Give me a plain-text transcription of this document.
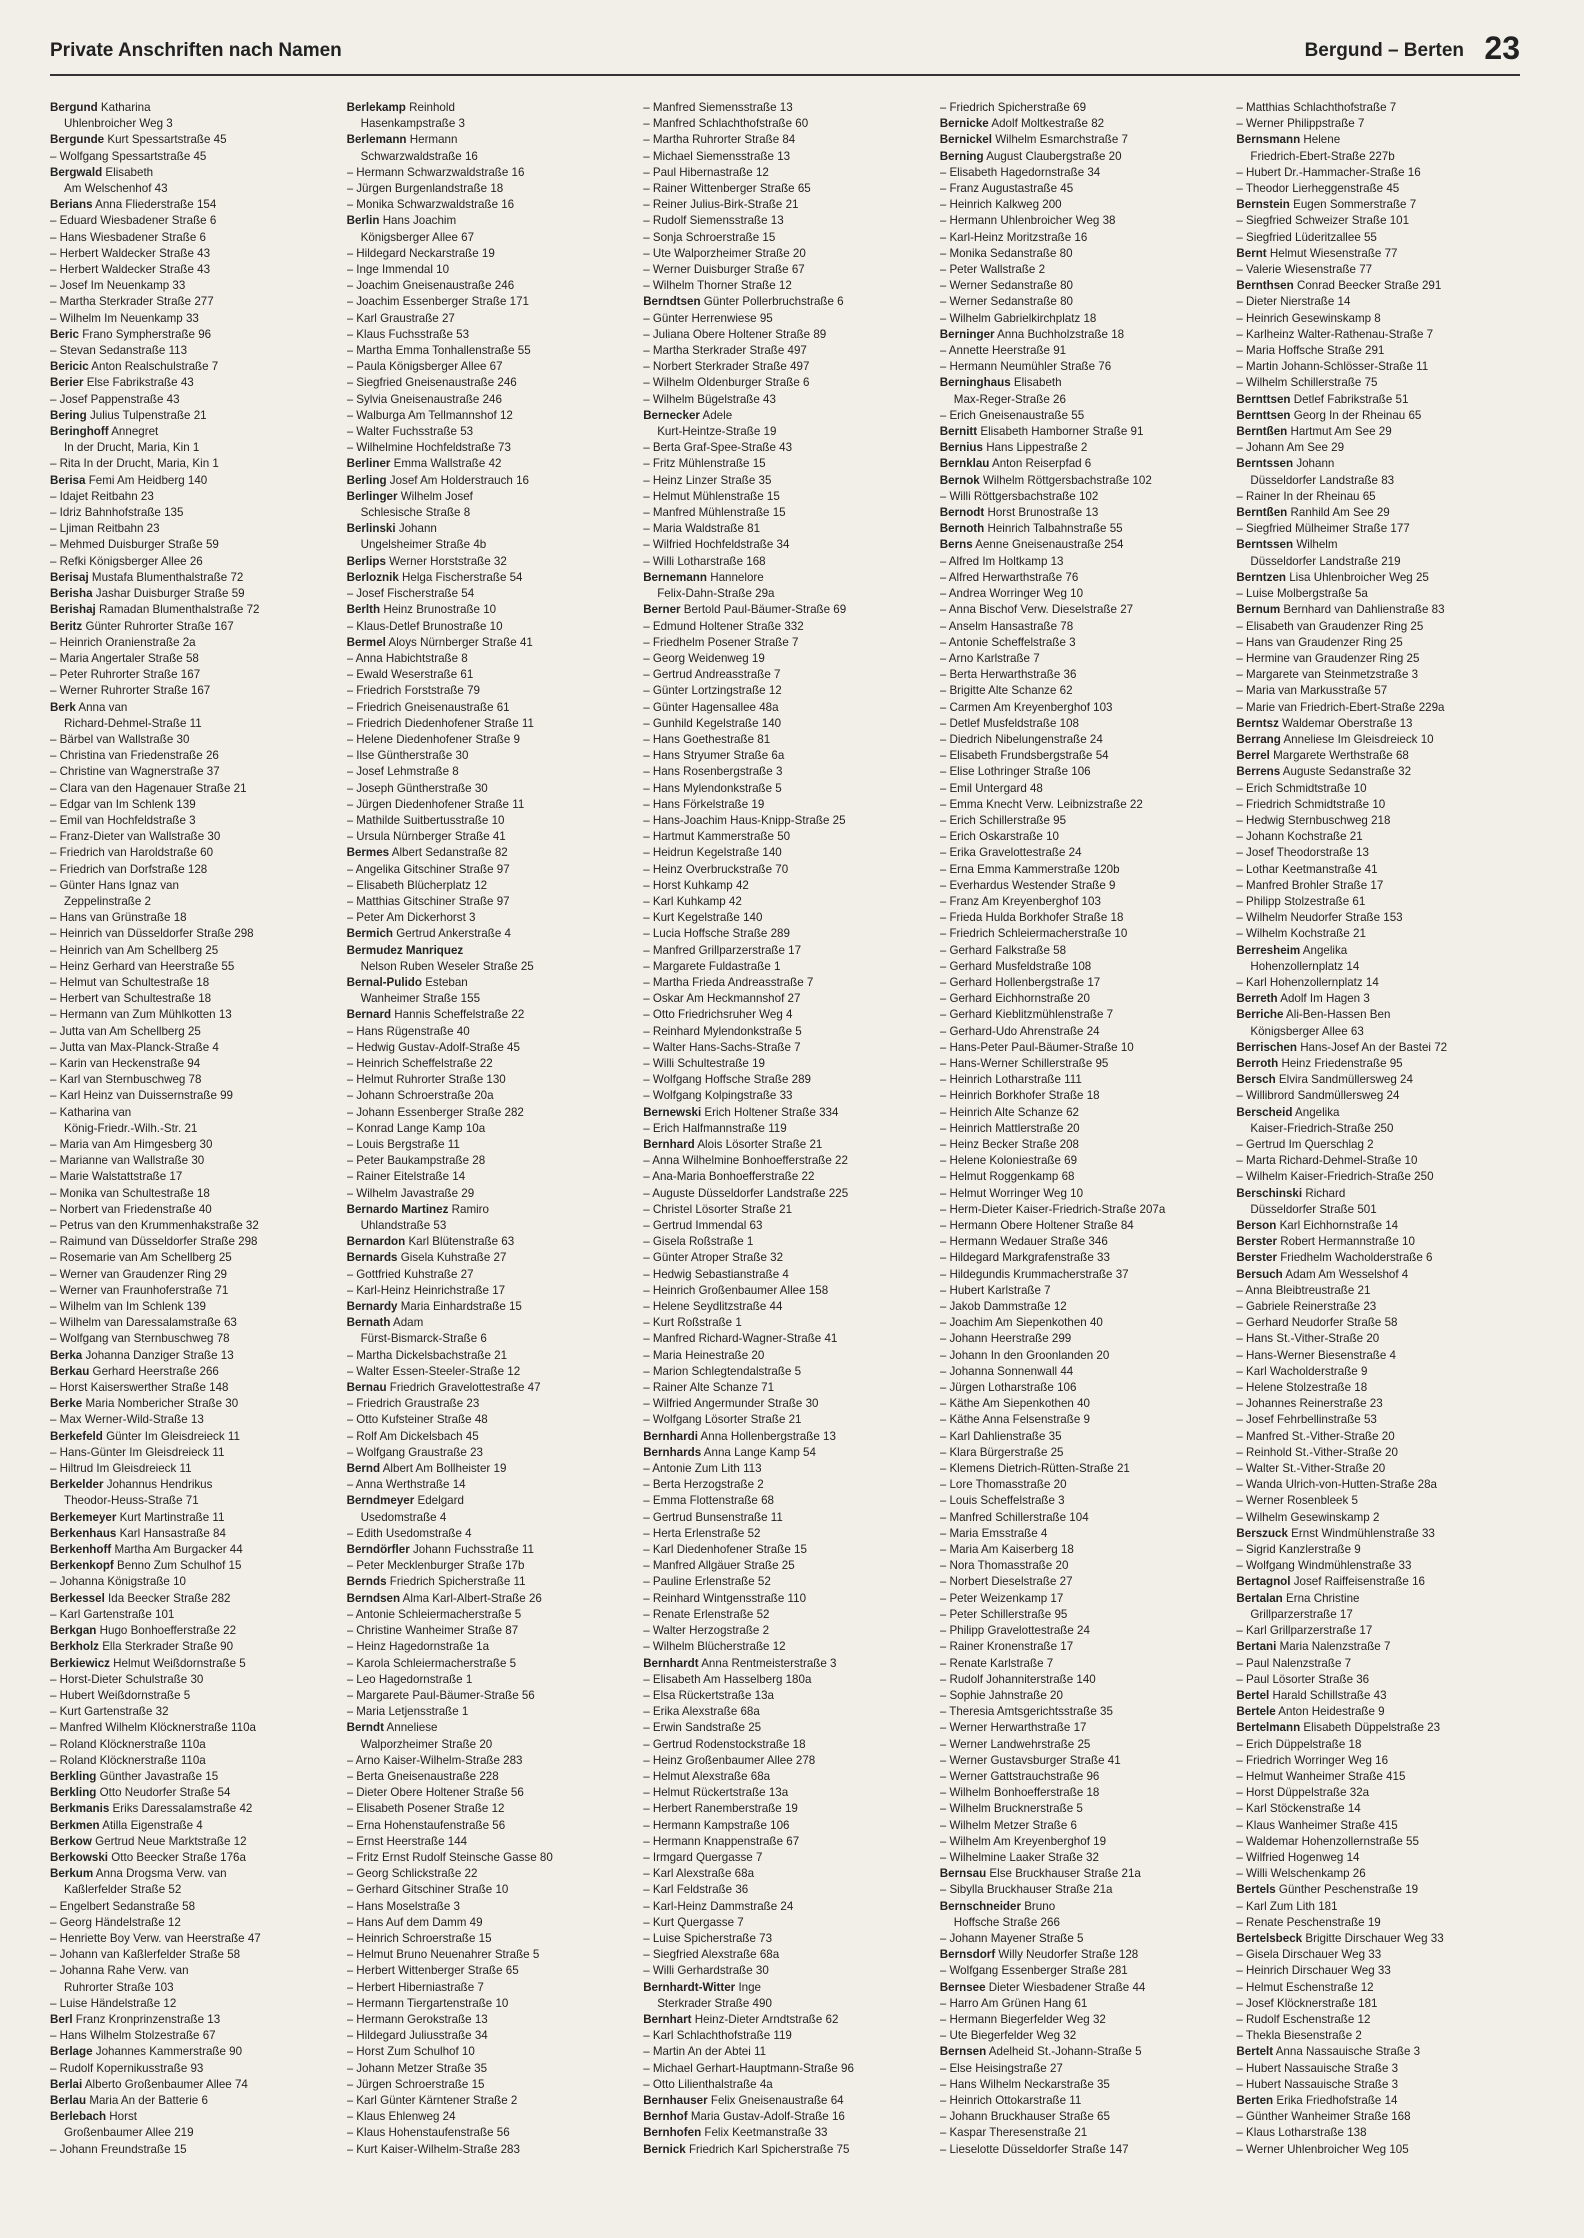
Private Anschriften nach Namen	Bergund – Berten 23
Bergund Katharina
Uhlenbroicher Weg 3
Bergunde Kurt Spessartstraße 45
– Wolfgang Spessartstraße 45
Bergwald Elisabeth
Am Welschenhof 43
Berians Anna Fliederstraße 154
– Eduard Wiesbadener Straße 6
– Hans Wiesbadener Straße 6
– Herbert Waldecker Straße 43
– Herbert Waldecker Straße 43
– Josef Im Neuenkamp 33
– Martha Sterkrader Straße 277
– Wilhelm Im Neuenkamp 33
Beric Frano Sympherstraße 96
– Stevan Sedanstraße 113
Bericic Anton Realschulstraße 7
Berier Else Fabrikstraße 43
– Josef Pappenstraße 43
Bering Julius Tulpenstraße 21
Beringhoff Annegret
In der Drucht, Maria, Kin 1
– Rita In der Drucht, Maria, Kin 1
Berisa Femi Am Heidberg 140
– Idajet Reitbahn 23
– Idriz Bahnhofstraße 135
– Ljiman Reitbahn 23
– Mehmed Duisburger Straße 59
– Refki Königsberger Allee 26
Berisaj Mustafa Blumenthalstraße 72
Berisha Jashar Duisburger Straße 59
Berishaj Ramadan Blumenthalstraße 72
Beritz Günter Ruhrorter Straße 167
– Heinrich Oranienstraße 2a
– Maria Angertaler Straße 58
– Peter Ruhrorter Straße 167
– Werner Ruhrorter Straße 167
Berk Anna van
Richard-Dehmel-Straße 11
– Bärbel van Wallstraße 30
– Christina van Friedenstraße 26
– Christine van Wagnerstraße 37
– Clara van den Hagenauer Straße 21
– Edgar van Im Schlenk 139
– Emil van Hochfeldstraße 3
– Franz-Dieter van Wallstraße 30
– Friedrich van Haroldstraße 60
– Friedrich van Dorfstraße 128
– Günter Hans Ignaz van
Zeppelinstraße 2
– Hans van Grünstraße 18
– Heinrich van Düsseldorfer Straße 298
– Heinrich van Am Schellberg 25
– Heinz Gerhard van Heerstraße 55
– Helmut van Schultestraße 18
– Herbert van Schultestraße 18
– Hermann van Zum Mühlkotten 13
– Jutta van Am Schellberg 25
– Jutta van Max-Planck-Straße 4
– Karin van Heckenstraße 94
– Karl van Sternbuschweg 78
– Karl Heinz van Duissernstraße 99
– Katharina van
König-Friedr.-Wilh.-Str. 21
– Maria van Am Himgesberg 30
– Marianne van Wallstraße 30
– Marie Walstattstraße 17
– Monika van Schultestraße 18
– Norbert van Friedenstraße 40
– Petrus van den Krummenhakstraße 32
– Raimund van Düsseldorfer Straße 298
– Rosemarie van Am Schellberg 25
– Werner van Graudenzer Ring 29
– Werner van Fraunhoferstraße 71
– Wilhelm van Im Schlenk 139
– Wilhelm van Daressalamstraße 63
– Wolfgang van Sternbuschweg 78
Berka Johanna Danziger Straße 13
Berkau Gerhard Heerstraße 266
– Horst Kaiserswerther Straße 148
Berke Maria Nombericher Straße 30
– Max Werner-Wild-Straße 13
Berkefeld Günter Im Gleisdreieck 11
– Hans-Günter Im Gleisdreieck 11
– Hiltrud Im Gleisdreieck 11
Berkelder Johannus Hendrikus
Theodor-Heuss-Straße 71
Berkemeyer Kurt Martinstraße 11
Berkenhaus Karl Hansastraße 84
Berkenhoff Martha Am Burgacker 44
Berkenkopf Benno Zum Schulhof 15
– Johanna Königstraße 10
Berkessel Ida Beecker Straße 282
– Karl Gartenstraße 101
Berkgan Hugo Bonhoefferstraße 22
Berkholz Ella Sterkrader Straße 90
Berkiewicz Helmut Weißdornstraße 5
– Horst-Dieter Schulstraße 30
– Hubert Weißdornstraße 5
– Kurt Gartenstraße 32
– Manfred Wilhelm Klöcknerstraße 110a
– Roland Klöcknerstraße 110a
– Roland Klöcknerstraße 110a
Berkling Günther Javastraße 15
Berkling Otto Neudorfer Straße 54
Berkmanis Eriks Daressalamstraße 42
Berkmen Atilla Eigenstraße 4
Berkow Gertrud Neue Marktstraße 12
Berkowski Otto Beecker Straße 176a
Berkum Anna Drogsma Verw. van
Kaßlerfelder Straße 52
– Engelbert Sedanstraße 58
– Georg Händelstraße 12
– Henriette Boy Verw. van Heerstraße 47
– Johann van Kaßlerfelder Straße 58
– Johanna Rahe Verw. van
Ruhrorter Straße 103
– Luise Händelstraße 12
Berl Franz Kronprinzenstraße 13
– Hans Wilhelm Stolzestraße 67
Berlage Johannes Kammerstraße 90
– Rudolf Kopernikusstraße 93
Berlai Alberto Großenbaumer Allee 74
Berlau Maria An der Batterie 6
Berlebach Horst
Großenbaumer Allee 219
– Johann Freundstraße 15
Berlekamp Reinhold
Hasenkampstraße 3
Berlemann Hermann
Schwarzwaldstraße 16
– Hermann Schwarzwaldstraße 16
– Jürgen Burgenlandstraße 18
– Monika Schwarzwaldstraße 16
Berlin Hans Joachim
Königsberger Allee 67
– Hildegard Neckarstraße 19
– Inge Immendal 10
– Joachim Gneisenaustraße 246
– Joachim Essenberger Straße 171
– Karl Graustraße 27
– Klaus Fuchsstraße 53
– Martha Emma Tonhallenstraße 55
– Paula Königsberger Allee 67
– Siegfried Gneisenaustraße 246
– Sylvia Gneisenaustraße 246
– Walburga Am Tellmannshof 12
– Walter Fuchsstraße 53
– Wilhelmine Hochfeldstraße 73
Berliner Emma Wallstraße 42
Berling Josef Am Holderstrauch 16
Berlinger Wilhelm Josef
Schlesische Straße 8
Berlinski Johann
Ungelsheimer Straße 4b
Berlips Werner Horststraße 32
Berloznik Helga Fischerstraße 54
– Josef Fischerstraße 54
Berlth Heinz Brunostraße 10
– Klaus-Detlef Brunostraße 10
Bermel Aloys Nürnberger Straße 41
– Anna Habichtstraße 8
– Ewald Weserstraße 61
– Friedrich Forststraße 79
– Friedrich Gneisenaustraße 61
– Friedrich Diedenhofener Straße 11
– Helene Diedenhofener Straße 9
– Ilse Güntherstraße 30
– Josef Lehmstraße 8
– Joseph Güntherstraße 30
– Jürgen Diedenhofener Straße 11
– Mathilde Suitbertusstraße 10
– Ursula Nürnberger Straße 41
Bermes Albert Sedanstraße 82
– Angelika Gitschiner Straße 97
– Elisabeth Blücherplatz 12
– Matthias Gitschiner Straße 97
– Peter Am Dickerhorst 3
Bermich Gertrud Ankerstraße 4
Bermudez Manriquez
Nelson Ruben Weseler Straße 25
Bernal-Pulido Esteban
Wanheimer Straße 155
Bernard Hannis Scheffelstraße 22
– Hans Rügenstraße 40
– Hedwig Gustav-Adolf-Straße 45
– Heinrich Scheffelstraße 22
– Helmut Ruhrorter Straße 130
– Johann Schroerstraße 20a
– Johann Essenberger Straße 282
– Konrad Lange Kamp 10a
– Louis Bergstraße 11
– Peter Baukampstraße 28
– Rainer Eitelstraße 14
– Wilhelm Javastraße 29
Bernardo Martinez Ramiro
Uhlandstraße 53
Bernardon Karl Blütenstraße 63
Bernards Gisela Kuhstraße 27
– Gottfried Kuhstraße 27
– Karl-Heinz Heinrichstraße 17
Bernardy Maria Einhardstraße 15
Bernath Adam
Fürst-Bismarck-Straße 6
– Martha Dickelsbachstraße 21
– Walter Essen-Steeler-Straße 12
Bernau Friedrich Gravelottestraße 47
– Friedrich Graustraße 23
– Otto Kufsteiner Straße 48
– Rolf Am Dickelsbach 45
– Wolfgang Graustraße 23
Bernd Albert Am Bollheister 19
– Anna Werthstraße 14
Berndmeyer Edelgard
Usedomstraße 4
– Edith Usedomstraße 4
Berndörfler Johann Fuchsstraße 11
– Peter Mecklenburger Straße 17b
Bernds Friedrich Spicherstraße 11
Berndsen Alma Karl-Albert-Straße 26
– Antonie Schleiermacherstraße 5
– Christine Wanheimer Straße 87
– Heinz Hagedornstraße 1a
– Karola Schleiermacherstraße 5
– Leo Hagedornstraße 1
– Margarete Paul-Bäumer-Straße 56
– Maria Letjensstraße 1
Berndt Anneliese
Walporzheimer Straße 20
– Arno Kaiser-Wilhelm-Straße 283
– Berta Gneisenaustraße 228
– Dieter Obere Holtener Straße 56
– Elisabeth Posener Straße 12
– Erna Hohenstaufenstraße 56
– Ernst Heerstraße 144
– Fritz Ernst Rudolf Steinsche Gasse 80
– Georg Schlickstraße 22
– Gerhard Gitschiner Straße 10
– Hans Moselstraße 3
– Hans Auf dem Damm 49
– Heinrich Schroerstraße 15
– Helmut Bruno Neuenahrer Straße 5
– Herbert Wittenberger Straße 65
– Herbert Hiberniastraße 7
– Hermann Tiergartenstraße 10
– Hermann Gerokstraße 13
– Hildegard Juliusstraße 34
– Horst Zum Schulhof 10
– Johann Metzer Straße 35
– Jürgen Schroerstraße 15
– Karl Günter Kärntener Straße 2
– Klaus Ehlenweg 24
– Klaus Hohenstaufenstraße 56
– Kurt Kaiser-Wilhelm-Straße 283
– Manfred Siemensstraße 13
– Manfred Schlachthofstraße 60
– Martha Ruhrorter Straße 84
– Michael Siemensstraße 13
– Paul Hibernastraße 12
– Rainer Wittenberger Straße 65
– Reiner Julius-Birk-Straße 21
– Rudolf Siemensstraße 13
– Sonja Schroerstraße 15
– Ute Walporzheimer Straße 20
– Werner Duisburger Straße 67
– Wilhelm Thorner Straße 12
Berndtsen Günter Pollerbruchstraße 6
– Günter Herrenwiese 95
– Juliana Obere Holtener Straße 89
– Martha Sterkrader Straße 497
– Norbert Sterkrader Straße 497
– Wilhelm Oldenburger Straße 6
– Wilhelm Bügelstraße 43
Bernecker Adele
Kurt-Heintze-Straße 19
– Berta Graf-Spee-Straße 43
– Fritz Mühlenstraße 15
– Heinz Linzer Straße 35
– Helmut Mühlenstraße 15
– Manfred Mühlenstraße 15
– Maria Waldstraße 81
– Wilfried Hochfeldstraße 34
– Willi Lotharstraße 168
Bernemann Hannelore
Felix-Dahn-Straße 29a
Berner Bertold Paul-Bäumer-Straße 69
– Edmund Holtener Straße 332
– Friedhelm Posener Straße 7
– Georg Weidenweg 19
– Gertrud Andreasstraße 7
– Günter Lortzingstraße 12
– Günter Hagensallee 48a
– Gunhild Kegelstraße 140
– Hans Goethestraße 81
– Hans Stryumer Straße 6a
– Hans Rosenbergstraße 3
– Hans Mylendonkstraße 5
– Hans Förkelstraße 19
– Hans-Joachim Haus-Knipp-Straße 25
– Hartmut Kammerstraße 50
– Heidrun Kegelstraße 140
– Heinz Overbruckstraße 70
– Horst Kuhkamp 42
– Karl Kuhkamp 42
– Kurt Kegelstraße 140
– Lucia Hoffsche Straße 289
– Manfred Grillparzerstraße 17
– Margarete Fuldastraße 1
– Martha Frieda Andreasstraße 7
– Oskar Am Heckmannshof 27
– Otto Friedrichsruher Weg 4
– Reinhard Mylendonkstraße 5
– Walter Hans-Sachs-Straße 7
– Willi Schultestraße 19
– Wolfgang Hoffsche Straße 289
– Wolfgang Kolpingstraße 33
Bernewski Erich Holtener Straße 334
– Erich Halfmannstraße 119
Bernhard Alois Lösorter Straße 21
– Anna Wilhelmine Bonhoefferstraße 22
– Ana-Maria Bonhoefferstraße 22
– Auguste Düsseldorfer Landstraße 225
– Christel Lösorter Straße 21
– Gertrud Immendal 63
– Gisela Roßstraße 1
– Günter Atroper Straße 32
– Hedwig Sebastianstraße 4
– Heinrich Großenbaumer Allee 158
– Helene Seydlitzstraße 44
– Kurt Roßstraße 1
– Manfred Richard-Wagner-Straße 41
– Maria Heinestraße 20
– Marion Schlegtendalstraße 5
– Rainer Alte Schanze 71
– Wilfried Angermunder Straße 30
– Wolfgang Lösorter Straße 21
Bernhardi Anna Hollenbergstraße 13
Bernhards Anna Lange Kamp 54
– Antonie Zum Lith 113
– Berta Herzogstraße 2
– Emma Flottenstraße 68
– Gertrud Bunsenstraße 11
– Herta Erlenstraße 52
– Karl Diedenhofener Straße 15
– Manfred Allgäuer Straße 25
– Pauline Erlenstraße 52
– Reinhard Wintgensstraße 110
– Renate Erlenstraße 52
– Walter Herzogstraße 2
– Wilhelm Blücherstraße 12
Bernhardt Anna Rentmeisterstraße 3
– Elisabeth Am Hasselberg 180a
– Elsa Rückertstraße 13a
– Erika Alexstraße 68a
– Erwin Sandstraße 25
– Gertrud Rodenstockstraße 18
– Heinz Großenbaumer Allee 278
– Helmut Alexstraße 68a
– Helmut Rückertstraße 13a
– Herbert Ranemberstraße 19
– Hermann Kampstraße 106
– Hermann Knappenstraße 67
– Irmgard Quergasse 7
– Karl Alexstraße 68a
– Karl Feldstraße 36
– Karl-Heinz Dammstraße 24
– Kurt Quergasse 7
– Luise Spicherstraße 73
– Siegfried Alexstraße 68a
– Willi Gerhardstraße 30
Bernhardt-Witter Inge
Sterkrader Straße 490
Bernhart Heinz-Dieter Arndtstraße 62
– Karl Schlachthofstraße 119
– Martin An der Abtei 11
– Michael Gerhart-Hauptmann-Straße 96
– Otto Lilienthalstraße 4a
Bernhauser Felix Gneisenaustraße 64
Bernhof Maria Gustav-Adolf-Straße 16
Bernhofen Felix Keetmanstraße 33
Bernick Friedrich Karl Spicherstraße 75
– Friedrich Spicherstraße 69
Bernicke Adolf Moltkestraße 82
Bernickel Wilhelm Esmarchstraße 7
Berning August Claubergstraße 20
– Elisabeth Hagedornstraße 34
– Franz Augustastraße 45
– Heinrich Kalkweg 200
– Hermann Uhlenbroicher Weg 38
– Karl-Heinz Moritzstraße 16
– Monika Sedanstraße 80
– Peter Wallstraße 2
– Werner Sedanstraße 80
– Werner Sedanstraße 80
– Wilhelm Gabrielkirchplatz 18
Berninger Anna Buchholzstraße 18
– Annette Heerstraße 91
– Hermann Neumühler Straße 76
Berninghaus Elisabeth
Max-Reger-Straße 26
– Erich Gneisenaustraße 55
Bernitt Elisabeth Hamborner Straße 91
Bernius Hans Lippestraße 2
Bernklau Anton Reiserpfad 6
Bernok Wilhelm Röttgersbachstraße 102
– Willi Röttgersbachstraße 102
Bernodt Horst Brunostraße 13
Bernoth Heinrich Talbahnstraße 55
Berns Aenne Gneisenaustraße 254
– Alfred Im Holtkamp 13
– Alfred Herwarthstraße 76
– Andrea Worringer Weg 10
– Anna Bischof Verw. Dieselstraße 27
– Anselm Hansastraße 78
– Antonie Scheffelstraße 3
– Arno Karlstraße 7
– Berta Herwarthstraße 36
– Brigitte Alte Schanze 62
– Carmen Am Kreyenberghof 103
– Detlef Musfeldstraße 108
– Diedrich Nibelungenstraße 24
– Elisabeth Frundsbergstraße 54
– Elise Lothringer Straße 106
– Emil Untergard 48
– Emma Knecht Verw. Leibnizstraße 22
– Erich Schillerstraße 95
– Erich Oskarstraße 10
– Erika Gravelottestraße 24
– Erna Emma Kammerstraße 120b
– Everhardus Westender Straße 9
– Franz Am Kreyenberghof 103
– Frieda Hulda Borkhofer Straße 18
– Friedrich Schleiermacherstraße 10
– Gerhard Falkstraße 58
– Gerhard Musfeldstraße 108
– Gerhard Hollenbergstraße 17
– Gerhard Eichhornstraße 20
– Gerhard Kieblitzmühlenstraße 7
– Gerhard-Udo Ahrenstraße 24
– Hans-Peter Paul-Bäumer-Straße 10
– Hans-Werner Schillerstraße 95
– Heinrich Lotharstraße 111
– Heinrich Borkhofer Straße 18
– Heinrich Alte Schanze 62
– Heinrich Mattlerstraße 20
– Heinz Becker Straße 208
– Helene Koloniestraße 69
– Helmut Roggenkamp 68
– Helmut Worringer Weg 10
– Herm-Dieter Kaiser-Friedrich-Straße 207a
– Hermann Obere Holtener Straße 84
– Hermann Wedauer Straße 346
– Hildegard Markgrafenstraße 33
– Hildegundis Krummacherstraße 37
– Hubert Karlstraße 7
– Jakob Dammstraße 12
– Joachim Am Siepenkothen 40
– Johann Heerstraße 299
– Johann In den Groonlanden 20
– Johanna Sonnenwall 44
– Jürgen Lotharstraße 106
– Käthe Am Siepenkothen 40
– Käthe Anna Felsenstraße 9
– Karl Dahlienstraße 35
– Klara Bürgerstraße 25
– Klemens Dietrich-Rütten-Straße 21
– Lore Thomasstraße 20
– Louis Scheffelstraße 3
– Manfred Schillerstraße 104
– Maria Emsstraße 4
– Maria Am Kaiserberg 18
– Nora Thomasstraße 20
– Norbert Dieselstraße 27
– Peter Weizenkamp 17
– Peter Schillerstraße 95
– Philipp Gravelottestraße 24
– Rainer Kronenstraße 17
– Renate Karlstraße 7
– Rudolf Johanniterstraße 140
– Sophie Jahnstraße 20
– Theresia Amtsgerichtsstraße 35
– Werner Herwarthstraße 17
– Werner Landwehrstraße 25
– Werner Gustavsburger Straße 41
– Werner Gattstrauchstraße 96
– Wilhelm Bonhoefferstraße 18
– Wilhelm Brucknerstraße 5
– Wilhelm Metzer Straße 6
– Wilhelm Am Kreyenberghof 19
– Wilhelmine Laaker Straße 32
Bernsau Else Bruckhauser Straße 21a
– Sibylla Bruckhauser Straße 21a
Bernschneider Bruno
Hoffsche Straße 266
– Johann Mayener Straße 5
Bernsdorf Willy Neudorfer Straße 128
– Wolfgang Essenberger Straße 281
Bernsee Dieter Wiesbadener Straße 44
– Harro Am Grünen Hang 61
– Hermann Biegerfelder Weg 32
– Ute Biegerfelder Weg 32
Bernsen Adelheid St.-Johann-Straße 5
– Else Heisingstraße 27
– Hans Wilhelm Neckarstraße 35
– Heinrich Ottokarstraße 11
– Johann Bruckhauser Straße 65
– Kaspar Theresenstraße 21
– Lieselotte Düsseldorfer Straße 147
– Matthias Schlachthofstraße 7
– Werner Philippstraße 7
Bernsmann Helene
Friedrich-Ebert-Straße 227b
– Hubert Dr.-Hammacher-Straße 16
– Theodor Lierheggenstraße 45
Bernstein Eugen Sommerstraße 7
– Siegfried Schweizer Straße 101
– Siegfried Lüderitzallee 55
Bernt Helmut Wiesenstraße 77
– Valerie Wiesenstraße 77
Bernthsen Conrad Beecker Straße 291
– Dieter Nierstraße 14
– Heinrich Gesewinskamp 8
– Karlheinz Walter-Rathenau-Straße 7
– Maria Hoffsche Straße 291
– Martin Johann-Schlösser-Straße 11
– Wilhelm Schillerstraße 75
Bernttsen Detlef Fabrikstraße 51
Bernttsen Georg In der Rheinau 65
Berntßen Hartmut Am See 29
– Johann Am See 29
Berntssen Johann
Düsseldorfer Landstraße 83
– Rainer In der Rheinau 65
Berntßen Ranhild Am See 29
– Siegfried Mülheimer Straße 177
Berntssen Wilhelm
Düsseldorfer Landstraße 219
Berntzen Lisa Uhlenbroicher Weg 25
– Luise Molbergstraße 5a
Bernum Bernhard van Dahlienstraße 83
– Elisabeth van Graudenzer Ring 25
– Hans van Graudenzer Ring 25
– Hermine van Graudenzer Ring 25
– Margarete van Steinmetzstraße 3
– Maria van Markusstraße 57
– Marie van Friedrich-Ebert-Straße 229a
Berntsz Waldemar Oberstraße 13
Berrang Anneliese Im Gleisdreieck 10
Berrel Margarete Werthstraße 68
Berrens Auguste Sedanstraße 32
– Erich Schmidtstraße 10
– Friedrich Schmidtstraße 10
– Hedwig Sternbuschweg 218
– Johann Kochstraße 21
– Josef Theodorstraße 13
– Lothar Keetmanstraße 41
– Manfred Brohler Straße 17
– Philipp Stolzestraße 61
– Wilhelm Neudorfer Straße 153
– Wilhelm Kochstraße 21
Berresheim Angelika
Hohenzollernplatz 14
– Karl Hohenzollernplatz 14
Berreth Adolf Im Hagen 3
Berriche Ali-Ben-Hassen Ben
Königsberger Allee 63
Berrischen Hans-Josef An der Bastei 72
Berroth Heinz Friedenstraße 95
Bersch Elvira Sandmüllersweg 24
– Willibrord Sandmüllersweg 24
Berscheid Angelika
Kaiser-Friedrich-Straße 250
– Gertrud Im Querschlag 2
– Marta Richard-Dehmel-Straße 10
– Wilhelm Kaiser-Friedrich-Straße 250
Berschinski Richard
Düsseldorfer Straße 501
Berson Karl Eichhornstraße 14
Berster Robert Hermannstraße 10
Berster Friedhelm Wacholderstraße 6
Bersuch Adam Am Wesselshof 4
– Anna Bleibtreustraße 21
– Gabriele Reinerstraße 23
– Gerhard Neudorfer Straße 58
– Hans St.-Vither-Straße 20
– Hans-Werner Biesenstraße 4
– Karl Wacholderstraße 9
– Helene Stolzestraße 18
– Johannes Reinerstraße 23
– Josef Fehrbellinstraße 53
– Manfred St.-Vither-Straße 20
– Reinhold St.-Vither-Straße 20
– Walter St.-Vither-Straße 20
– Wanda Ulrich-von-Hutten-Straße 28a
– Werner Rosenbleek 5
– Wilhelm Gesewinskamp 2
Berszuck Ernst Windmühlenstraße 33
– Sigrid Kanzlerstraße 9
– Wolfgang Windmühlenstraße 33
Bertagnol Josef Raiffeisenstraße 16
Bertalan Erna Christine
Grillparzerstraße 17
– Karl Grillparzerstraße 17
Bertani Maria Nalenzstraße 7
– Paul Nalenzstraße 7
– Paul Lösorter Straße 36
Bertel Harald Schillstraße 43
Bertele Anton Heidestraße 9
Bertelmann Elisabeth Düppelstraße 23
– Erich Düppelstraße 18
– Friedrich Worringer Weg 16
– Helmut Wanheimer Straße 415
– Horst Düppelstraße 32a
– Karl Stöckenstraße 14
– Klaus Wanheimer Straße 415
– Waldemar Hohenzollernstraße 55
– Wilfried Hogenweg 14
– Willi Welschenkamp 26
Bertels Günther Peschenstraße 19
– Karl Zum Lith 181
– Renate Peschenstraße 19
Bertelsbeck Brigitte Dirschauer Weg 33
– Gisela Dirschauer Weg 33
– Heinrich Dirschauer Weg 33
– Helmut Eschenstraße 12
– Josef Klöcknerstraße 181
– Rudolf Eschenstraße 12
– Thekla Biesenstraße 2
Bertelt Anna Nassauische Straße 3
– Hubert Nassauische Straße 3
– Hubert Nassauische Straße 3
Berten Erika Friedhofstraße 14
– Günther Wanheimer Straße 168
– Klaus Lotharstraße 138
– Werner Uhlenbroicher Weg 105
